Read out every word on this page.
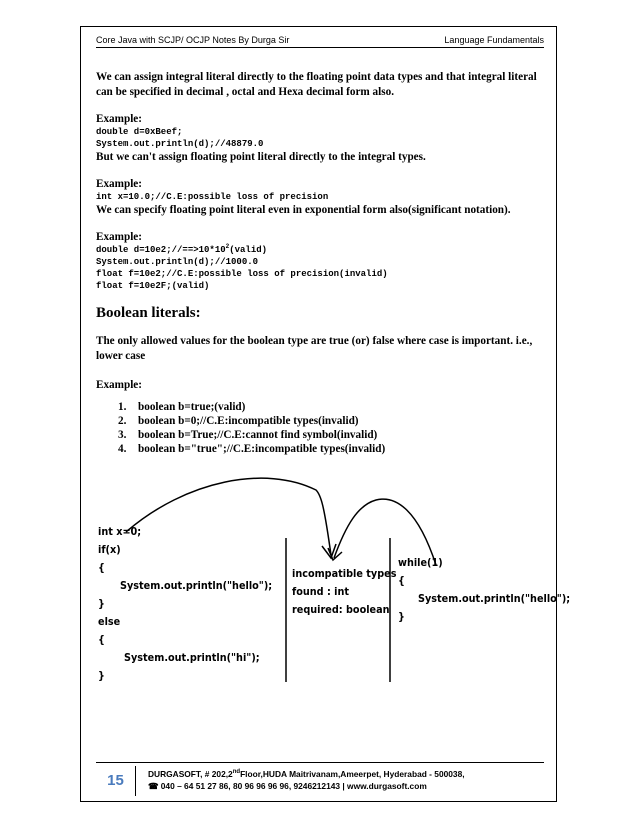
Core Java with SCJP/ OCJP Notes By Durga Sir	Language Fundamentals

We can assign integral literal directly to the floating point data types and that integral literal can be specified in decimal , octal and Hexa decimal form also.

Example:

double d=0xBeef;
System.out.println(d);//48879.0

But we can't assign floating point literal directly to the integral types.

Example:

int x=10.0;//C.E:possible loss of precision

We can specify floating point literal even in exponential form also(significant notation).

Example:

double $d=10e2;//==>10*10^2(valid)$
System.out.println(d);//1000.0
float f=10e2;//C.E:possible loss of precision(invalid)
float f=10e2F;(valid)
Boolean literals:

The only allowed values for the boolean type are true (or) false where case is important. i.e., lower case

Example:

1. boolean b=true;(valid)
2. boolean b=0;//C.E:incompatible types(invalid)
3. boolean b=True;//C.E:cannot find symbol(invalid)
4. boolean b="true";//C.E:incompatible types(invalid)
int x=0;
if(x)
{
System.out.println("hello");
}
else
{
System.out.println("hi");
}
incompatible types
found : int
required: boolean
while(1)
{
System.out.println("hello");
}
15	DURGASOFT, # 202,2ndFloor,HUDA Maitrivanam,Ameerpet, Hyderabad - 500038,
☎ 040 – 64 51 27 86, 80 96 96 96 96, 9246212143 | www.durgasoft.com
